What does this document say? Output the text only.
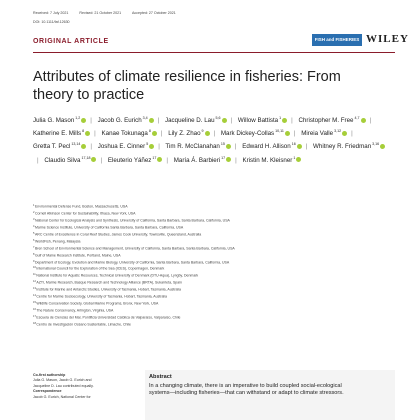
Received: 7 July 2021	Revised: 21 October 2021	Accepted: 27 October 2021
DOI: 10.1111/faf.12630
ORIGINAL ARTICLE	FISH and FISHERIES WILEY
Attributes of climate resilience in fisheries: From theory to practice
Julia G. Mason$^{1,2}$ | Jacob G. Eurich$^{3,4}$ | Jacqueline D. Lau$^{5,6}$ | Willow Battista$^1$ | Christopher M. Free$^{4,7}$ | Katherine E. Mills$^8$ | Kanae Tokunaga$^8$ | Lily Z. Zhao$^9$ | Mark Dickey-Collas$^{10,11}$ | Mireia Valle$^{3,12}$ | Gretta T. Pecl$^{13,14}$ | Joshua E. Cinner$^5$ | Tim R. McClanahan$^{15}$ | Edward H. Allison$^{16}$ | Whitney R. Friedman$^{3,16}$| Claudio Silva$^{17,18}$ | Eleuterio Yáñez$^{17}$ | María Á. Barbieri$^{17}$ | Kristin M. Kleisner$^1$
$^1$Environmental Defense Fund, Boston, Massachusetts, USA
$^2$Cornell Atkinson Center for Sustainability, Ithaca, New York, USA
$^3$National Center for Ecological Analysis and Synthesis, University of California, Santa Barbara, Santa Barbara, California, USA
$^4$Marine Science Institute, University of California Santa Barbara, Santa Barbara, California, USA
$^5$ARC Centre of Excellence in Coral Reef Studies, James Cook University, Townsville, Queensland, Australia
$^6$WorldFish, Penang, Malaysia
$^7$Bren School of Environmental Science and Management, University of California, Santa Barbara, Santa Barbara, California, USA
$^8$Gulf of Maine Research Institute, Portland, Maine, USA
$^9$Department of Ecology, Evolution and Marine Biology, University of California, Santa Barbara, Santa Barbara, California, USA
$^{10}$International Council for the Exploration of the Sea (ICES), Copenhagen, Denmark
$^{11}$National Institute for Aquatic Resources, Technical University of Denmark (DTU-Aqua), Lyngby, Denmark
$^{12}$AZTI, Marine Research, Basque Research and Technology Alliance (BRTA), Sukarrieta, Spain
$^{13}$Institute for Marine and Antarctic Studies, University of Tasmania, Hobart, Tasmania, Australia
$^{14}$Centre for Marine Socioecology, University of Tasmania, Hobart, Tasmania, Australia
$^{15}$Wildlife Conservation Society, Global Marine Programs, Bronx, New York, USA
$^{16}$The Nature Conservancy, Arlington, Virginia, USA
$^{17}$Escuela de Ciencias del Mar, Pontificia Universidad Católica de Valparaíso, Valparaíso, Chile
$^{18}$Centro de Investigación Océano Sustentable, Limache, Chile
Co-first authorship
Julia G. Mason, Jacob G. Eurich and
Jacqueline D. Lau contributed equally.
Correspondence
Jacob G. Eurich, National Center for
Abstract
In a changing climate, there is an imperative to build coupled social-ecological
systems—including fisheries—that can withstand or adapt to climate stressors.
